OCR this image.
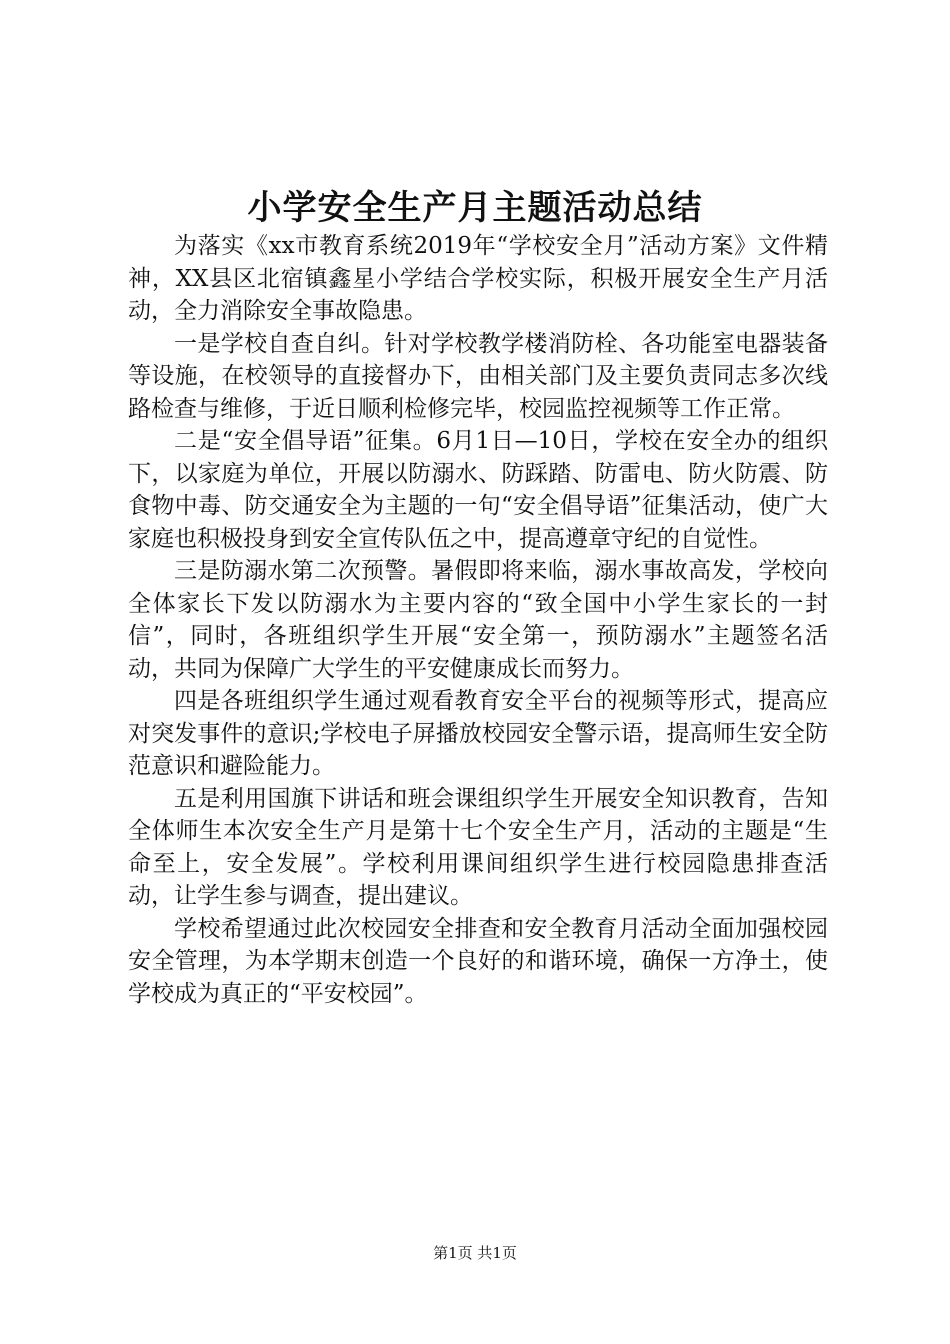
小学安全生产月主题活动总结

为落实《xx市教育系统2019年“学校安全月”活动方案》文件精神，XX县区北宿镇鑫星小学结合学校实际，积极开展安全生产月活动，全力消除安全事故隐患。

一是学校自查自纠。针对学校教学楼消防栓、各功能室电器装备等设施，在校领导的直接督办下，由相关部门及主要负责同志多次线路检查与维修，于近日顺利检修完毕，校园监控视频等工作正常。

二是“安全倡导语”征集。6月1日—10日，学校在安全办的组织下，以家庭为单位，开展以防溺水、防踩踏、防雷电、防火防震、防食物中毒、防交通安全为主题的一句“安全倡导语”征集活动，使广大家庭也积极投身到安全宣传队伍之中，提高遵章守纪的自觉性。

三是防溺水第二次预警。暑假即将来临，溺水事故高发，学校向全体家长下发以防溺水为主要内容的“致全国中小学生家长的一封信”，同时，各班组织学生开展“安全第一，预防溺水”主题签名活动，共同为保障广大学生的平安健康成长而努力。

四是各班组织学生通过观看教育安全平台的视频等形式，提高应对突发事件的意识;学校电子屏播放校园安全警示语，提高师生安全防范意识和避险能力。

五是利用国旗下讲话和班会课组织学生开展安全知识教育，告知全体师生本次安全生产月是第十七个安全生产月，活动的主题是“生命至上，安全发展”。学校利用课间组织学生进行校园隐患排查活动，让学生参与调查，提出建议。

学校希望通过此次校园安全排查和安全教育月活动全面加强校园安全管理，为本学期末创造一个良好的和谐环境，确保一方净土，使学校成为真正的“平安校园”。

第1页 共1页
